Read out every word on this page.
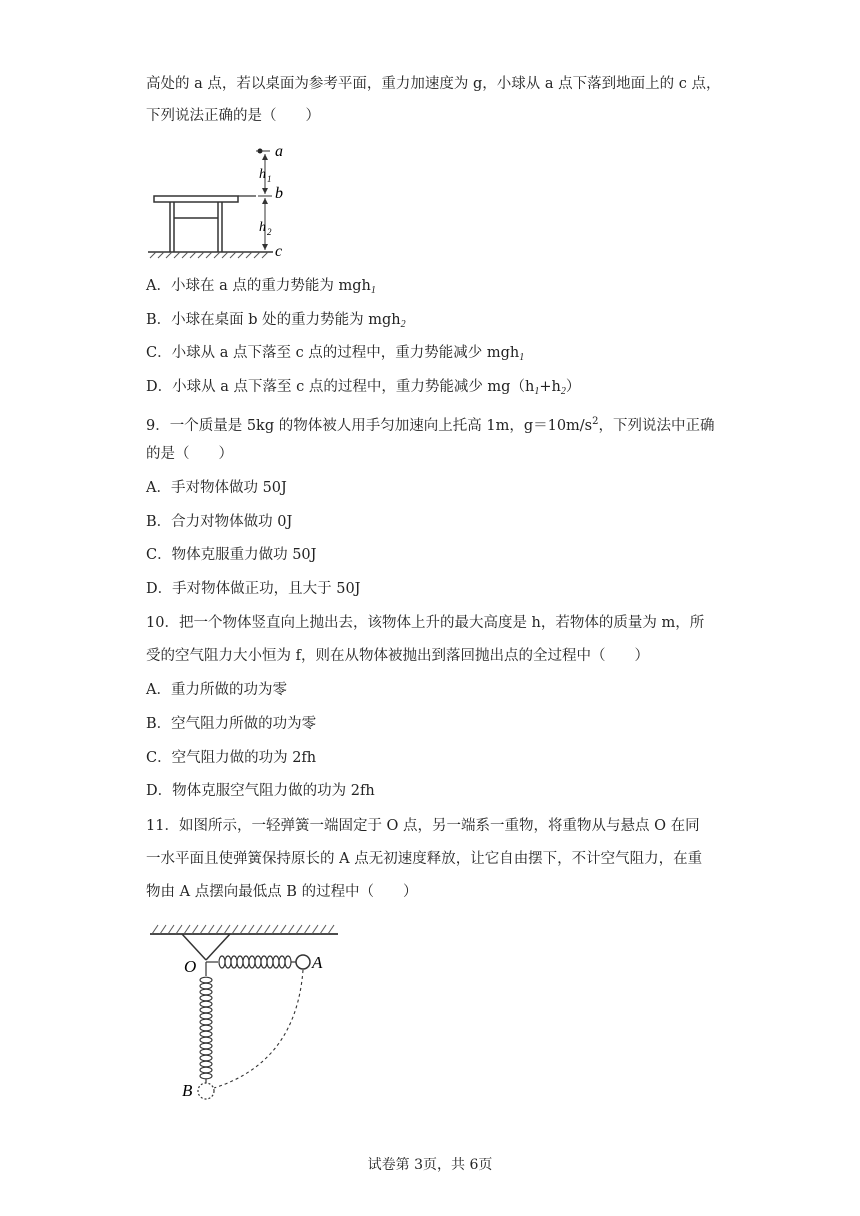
高处的 a 点，若以桌面为参考平面，重力加速度为 g，小球从 a 点下落到地面上的 c 点，
下列说法正确的是（　　）
a
b
c
h 1
h 2
A．小球在 a 点的重力势能为 mgh$_1$
B．小球在桌面 b 处的重力势能为 mgh$_2$
C．小球从 a 点下落至 c 点的过程中，重力势能减少 mgh$_1$
D．小球从 a 点下落至 c 点的过程中，重力势能减少 $mg(h_1+h_2)$
9．一个质量是 5kg 的物体被人用手匀加速向上托高 1m，$g=10m/s^2$，下列说法中正确
的是（　　）
A．手对物体做功 50J
B．合力对物体做功 0J
C．物体克服重力做功 50J
D．手对物体做正功，且大于 50J
10．把一个物体竖直向上抛出去，该物体上升的最大高度是 h，若物体的质量为 m，所
受的空气阻力大小恒为 f，则在从物体被抛出到落回抛出点的全过程中（　　）
A．重力所做的功为零
B．空气阻力所做的功为零
C．空气阻力做的功为 2fh
D．物体克服空气阻力做的功为 2fh
11．如图所示，一轻弹簧一端固定于 O 点，另一端系一重物，将重物从与悬点 O 在同
一水平面且使弹簧保持原长的 A 点无初速度释放，让它自由摆下，不计空气阻力，在重
物由 A 点摆向最低点 B 的过程中（　　）
O	A
B
试卷第 3页，共 6页
